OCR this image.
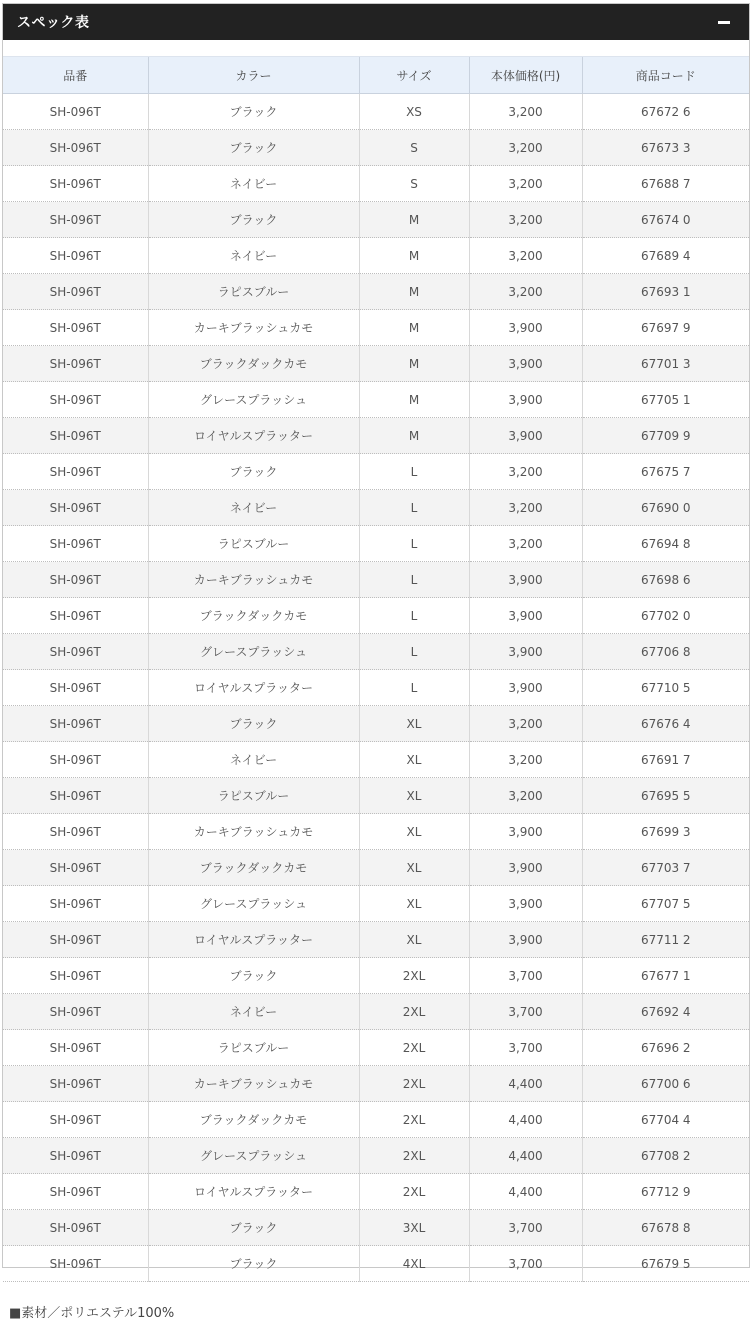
スペック表
品番	カラー	サイズ	本体価格(円)	商品コード
SH-096T	ブラック	XS	3,200	67672 6
SH-096T	ブラック	S	3,200	67673 3
SH-096T	ネイビー	S	3,200	67688 7
SH-096T	ブラック	M	3,200	67674 0
SH-096T	ネイビー	M	3,200	67689 4
SH-096T	ラピスブルー	M	3,200	67693 1
SH-096T	カーキブラッシュカモ	M	3,900	67697 9
SH-096T	ブラックダックカモ	M	3,900	67701 3
SH-096T	グレースプラッシュ	M	3,900	67705 1
SH-096T	ロイヤルスプラッター	M	3,900	67709 9
SH-096T	ブラック	L	3,200	67675 7
SH-096T	ネイビー	L	3,200	67690 0
SH-096T	ラピスブルー	L	3,200	67694 8
SH-096T	カーキブラッシュカモ	L	3,900	67698 6
SH-096T	ブラックダックカモ	L	3,900	67702 0
SH-096T	グレースプラッシュ	L	3,900	67706 8
SH-096T	ロイヤルスプラッター	L	3,900	67710 5
SH-096T	ブラック	XL	3,200	67676 4
SH-096T	ネイビー	XL	3,200	67691 7
SH-096T	ラピスブルー	XL	3,200	67695 5
SH-096T	カーキブラッシュカモ	XL	3,900	67699 3
SH-096T	ブラックダックカモ	XL	3,900	67703 7
SH-096T	グレースプラッシュ	XL	3,900	67707 5
SH-096T	ロイヤルスプラッター	XL	3,900	67711 2
SH-096T	ブラック	2XL	3,700	67677 1
SH-096T	ネイビー	2XL	3,700	67692 4
SH-096T	ラピスブルー	2XL	3,700	67696 2
SH-096T	カーキブラッシュカモ	2XL	4,400	67700 6
SH-096T	ブラックダックカモ	2XL	4,400	67704 4
SH-096T	グレースプラッシュ	2XL	4,400	67708 2
SH-096T	ロイヤルスプラッター	2XL	4,400	67712 9
SH-096T	ブラック	3XL	3,700	67678 8
SH-096T	ブラック	4XL	3,700	67679 5
■素材／ポリエステル100%
